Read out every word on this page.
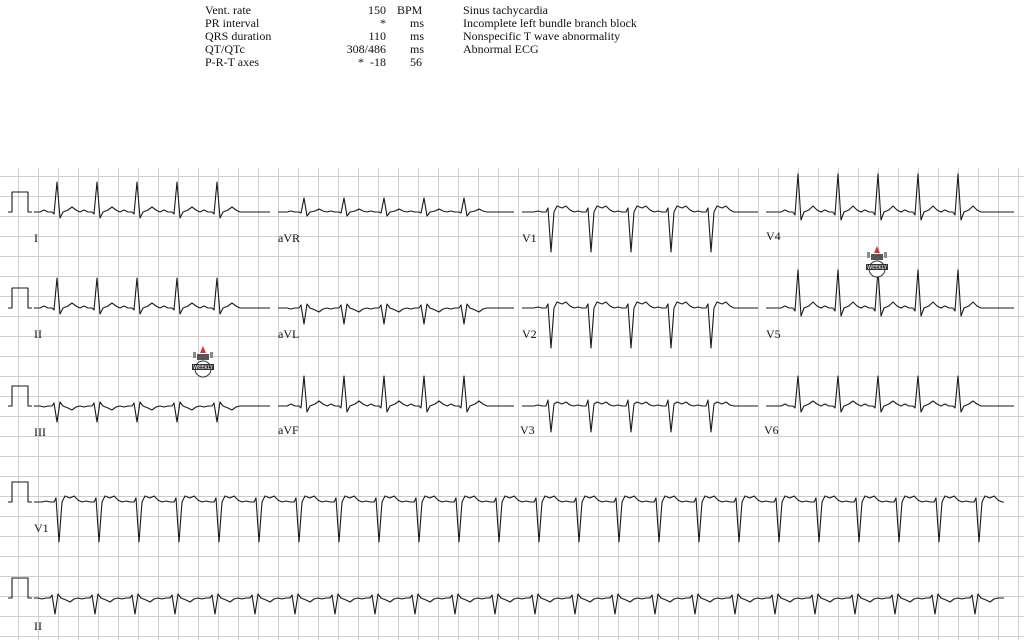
Vent. rate	150 BPM
PR interval	* ms
QRS duration	110 ms
QT/QTc	308/486 ms
P-R-T axes	*  -18 56
Sinus tachycardia
Incomplete left bundle branch block
Nonspecific T wave abnormality
Abnormal ECG
I	aVR	V1	V4
II	aVL	V2	V5
III	aVF	V3	V6
V1
II
WEEKLY
WEEKLY
